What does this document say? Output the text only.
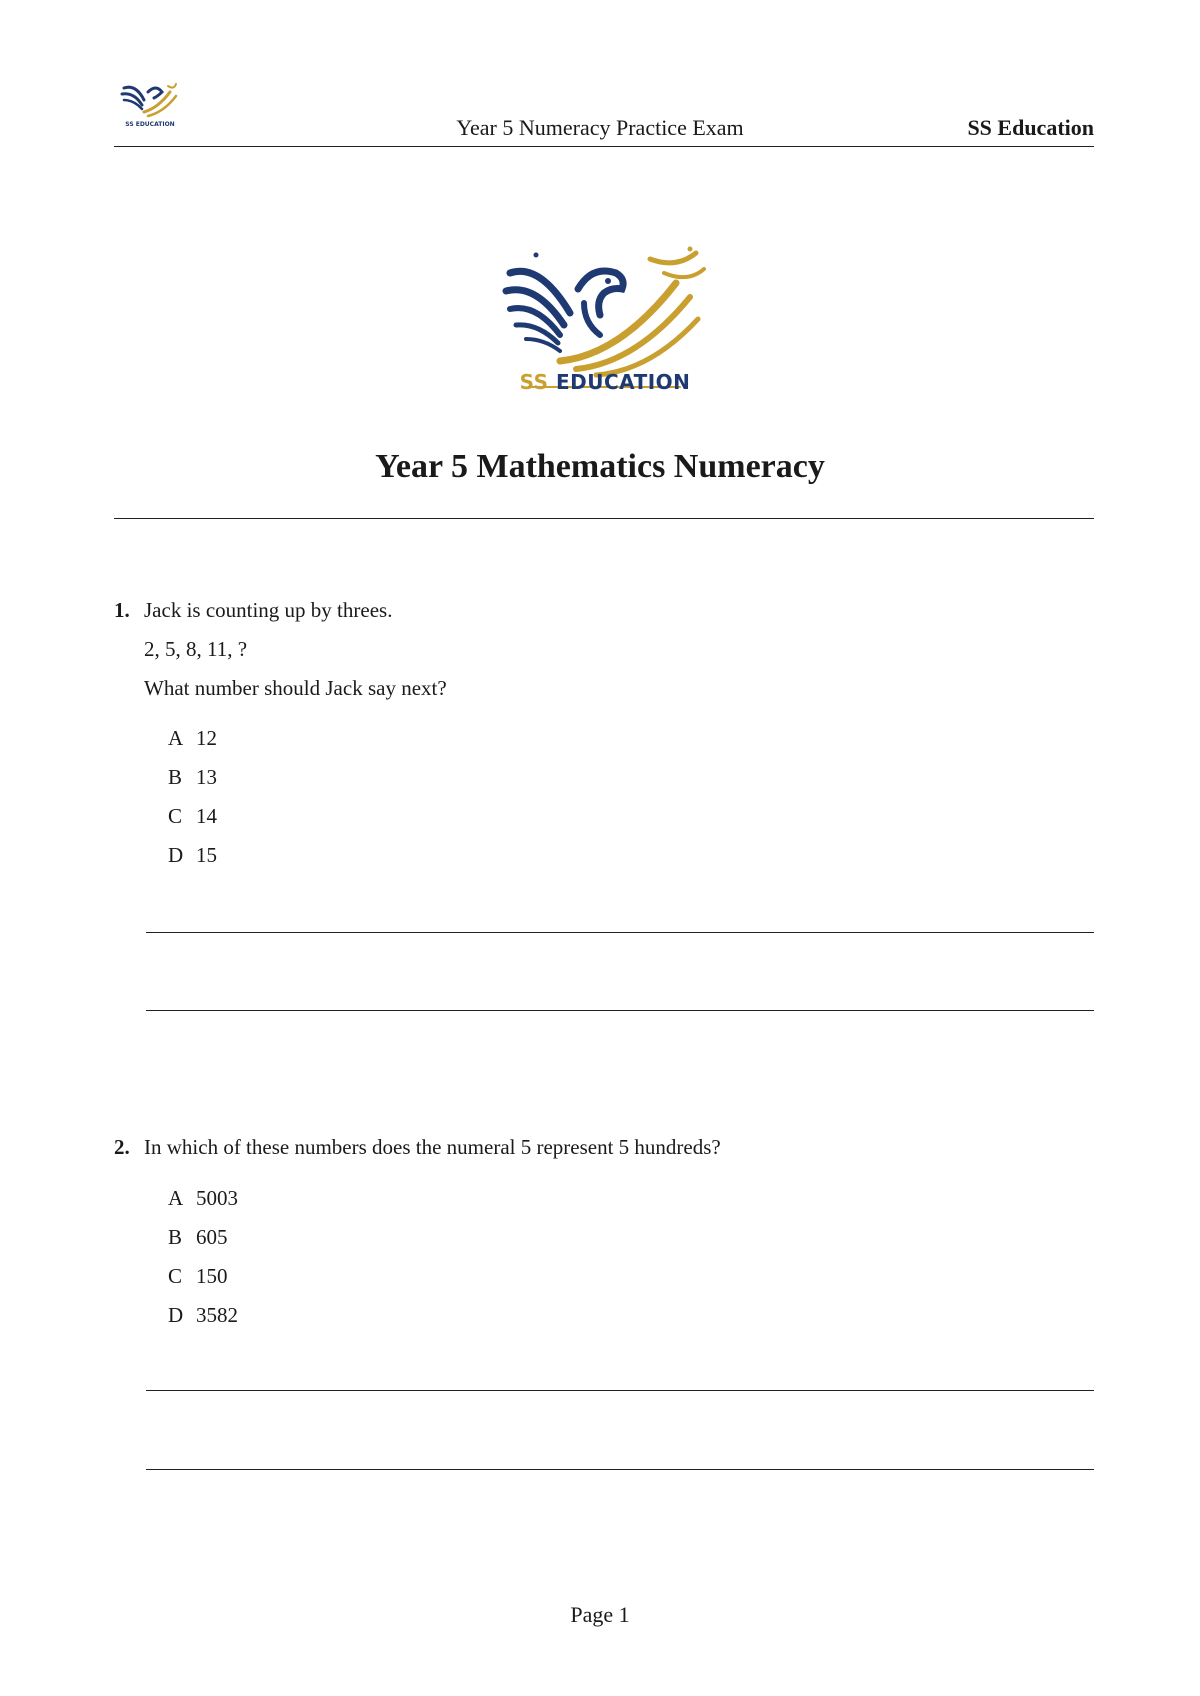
SS EDUCATION	Year 5 Numeracy Practice Exam	SS Education
SS EDUCATION
Year 5 Mathematics Numeracy
1. Jack is counting up by threes.
2, 5, 8, 11, ?
What number should Jack say next?
A 12
B 13
C 14
D 15
2. In which of these numbers does the numeral 5 represent 5 hundreds?
A 5003
B 605
C 150
D 3582
Page 1
